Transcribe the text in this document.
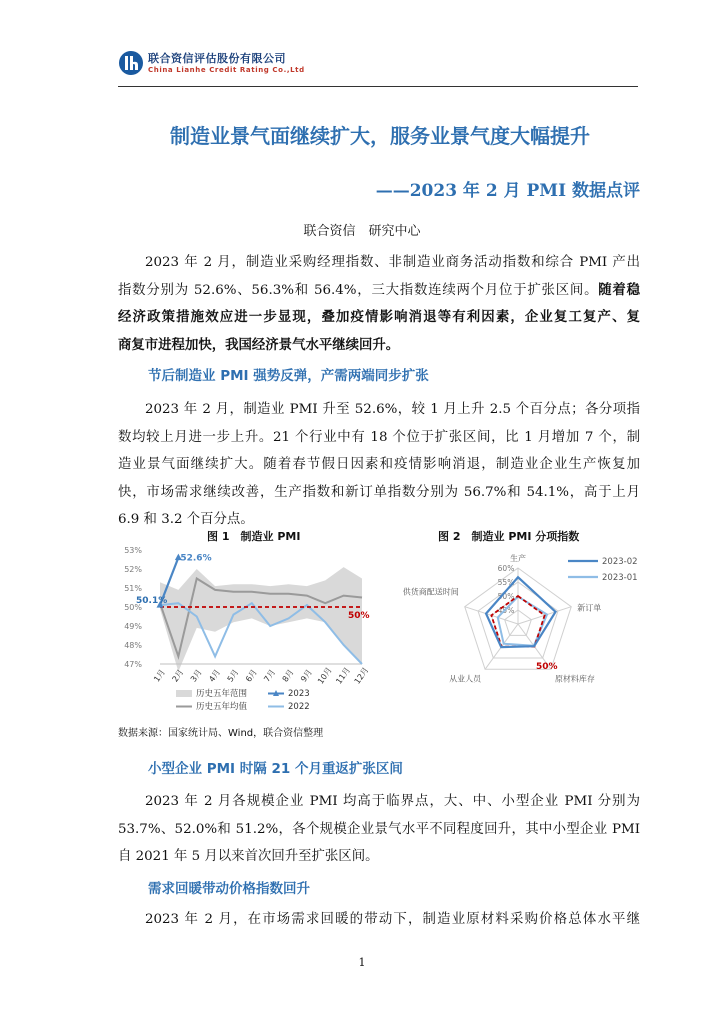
联合资信评估股份有限公司
China Lianhe Credit Rating Co.,Ltd
制造业景气面继续扩大，服务业景气度大幅提升
——2023 年 2 月 PMI 数据点评
联合资信　研究中心
2023 年 2 月，制造业采购经理指数、非制造业商务活动指数和综合 PMI 产出
指数分别为 52.6%、56.3%和 56.4%，三大指数连续两个月位于扩张区间。随着稳
经济政策措施效应进一步显现，叠加疫情影响消退等有利因素，企业复工复产、复
商复市进程加快，我国经济景气水平继续回升。
节后制造业 PMI 强势反弹，产需两端同步扩张
2023 年 2 月，制造业 PMI 升至 52.6%，较 1 月上升 2.5 个百分点；各分项指
数均较上月进一步上升。21 个行业中有 18 个位于扩张区间，比 1 月增加 7 个，制
造业景气面继续扩大。随着春节假日因素和疫情影响消退，制造业企业生产恢复加
快，市场需求继续改善，生产指数和新订单指数分别为 56.7%和 54.1%，高于上月
6.9 和 3.2 个百分点。
图 1　制造业 PMI	图 2　制造业 PMI 分项指数
47%
48%
49%
50%
51%
52%
53%
1月 2月 3月 4月 5月 6月 7月 8月 9月 10月 11月 12月
52.6%
50.1%
50%
历史五年范围	2023
历史五年均值	2022
45%
50%
55%
60%
生产
新订单
原材料库存
从业人员
供货商配送时间
50%
2023-02
2023-01
数据来源：国家统计局、Wind，联合资信整理
小型企业 PMI 时隔 21 个月重返扩张区间
2023 年 2 月各规模企业 PMI 均高于临界点，大、中、小型企业 PMI 分别为
53.7%、52.0%和 51.2%，各个规模企业景气水平不同程度回升，其中小型企业 PMI
自 2021 年 5 月以来首次回升至扩张区间。
需求回暖带动价格指数回升
2023 年 2 月，在市场需求回暖的带动下，制造业原材料采购价格总体水平继
1
